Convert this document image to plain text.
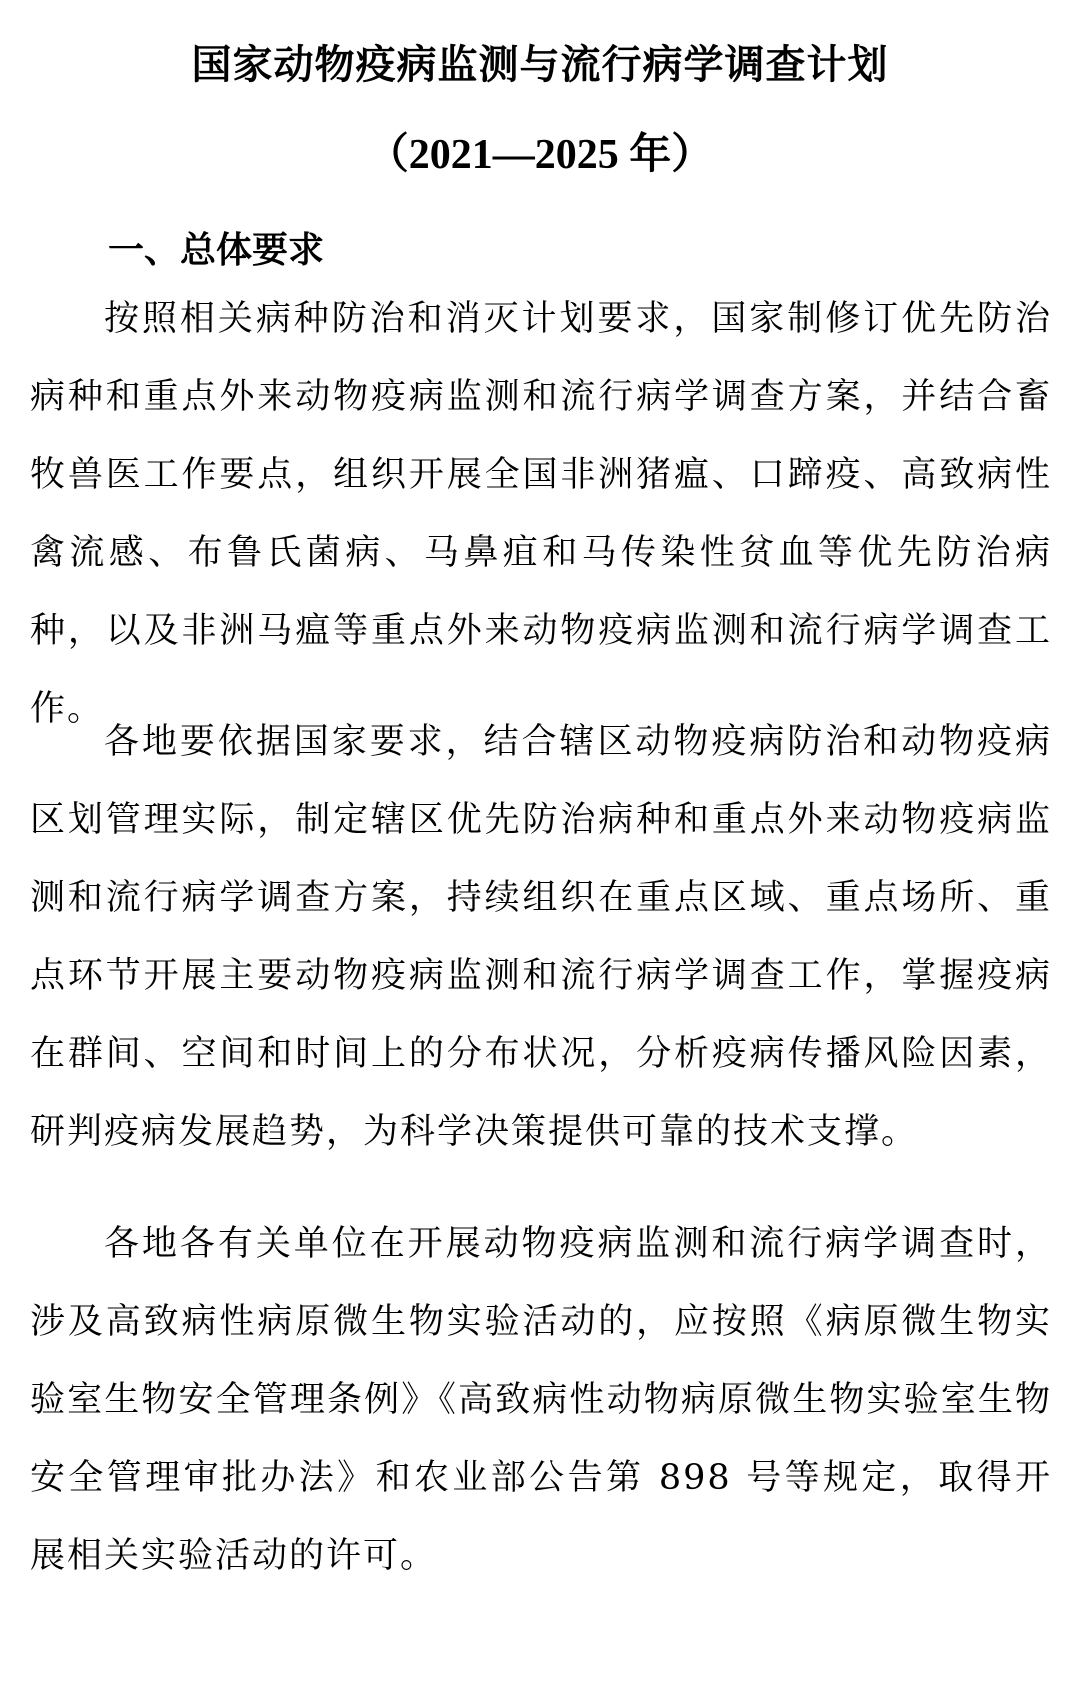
国家动物疫病监测与流行病学调查计划
（2021—2025 年）
一、总体要求

按照相关病种防治和消灭计划要求，国家制修订优先防治病种和重点外来动物疫病监测和流行病学调查方案，并结合畜牧兽医工作要点，组织开展全国非洲猪瘟、口蹄疫、高致病性禽流感、布鲁氏菌病、马鼻疽和马传染性贫血等优先防治病种，以及非洲马瘟等重点外来动物疫病监测和流行病学调查工作。

各地要依据国家要求，结合辖区动物疫病防治和动物疫病区划管理实际，制定辖区优先防治病种和重点外来动物疫病监测和流行病学调查方案，持续组织在重点区域、重点场所、重点环节开展主要动物疫病监测和流行病学调查工作，掌握疫病在群间、空间和时间上的分布状况，分析疫病传播风险因素，研判疫病发展趋势，为科学决策提供可靠的技术支撑。

各地各有关单位在开展动物疫病监测和流行病学调查时，涉及高致病性病原微生物实验活动的，应按照《病原微生物实验室生物安全管理条例》《高致病性动物病原微生物实验室生物安全管理审批办法》和农业部公告第 898 号等规定，取得开展相关实验活动的许可。
